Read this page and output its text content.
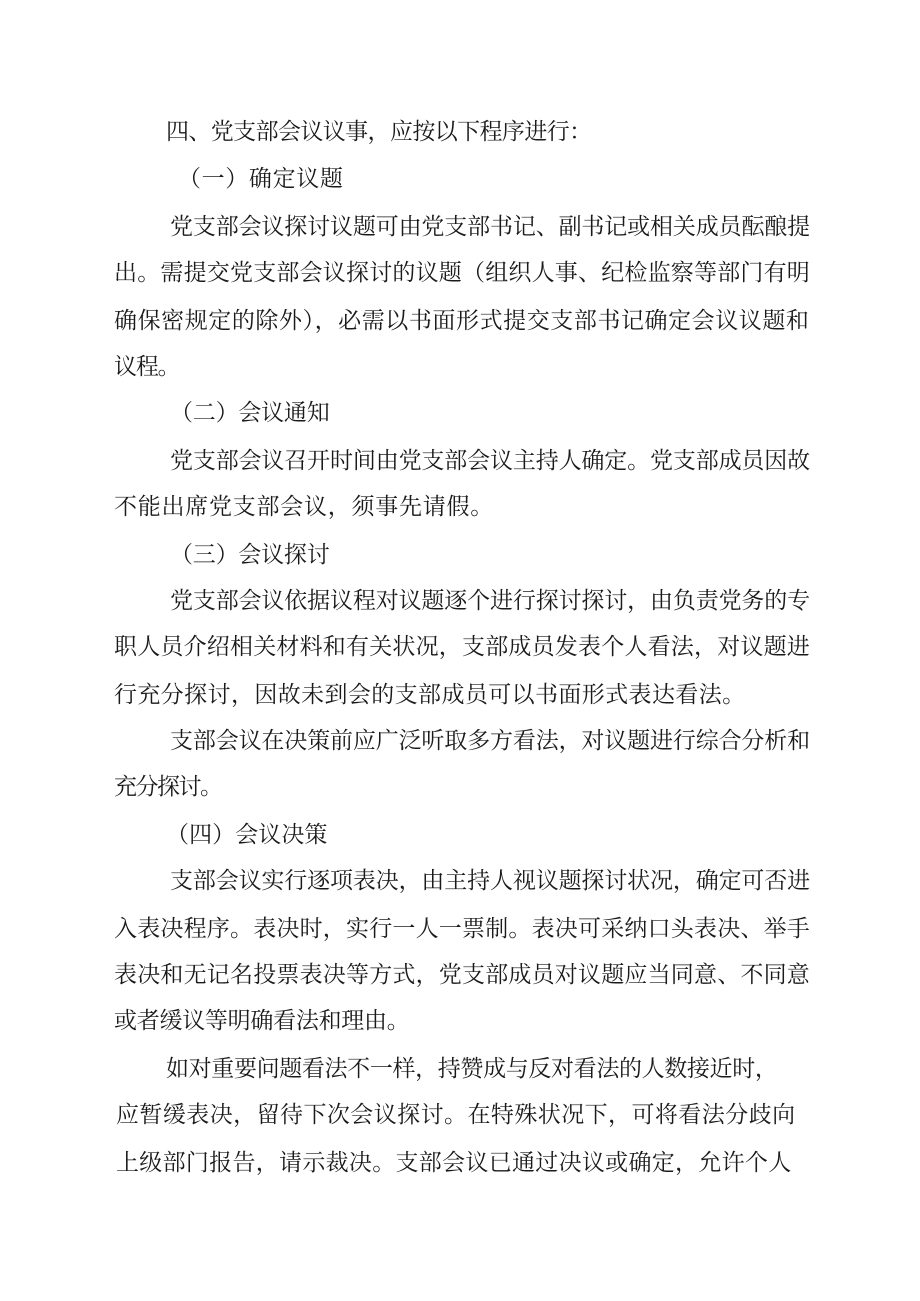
四、党支部会议议事，应按以下程序进行：
（一）确定议题
党支部会议探讨议题可由党支部书记、副书记或相关成员酝酿提
出。需提交党支部会议探讨的议题（组织人事、纪检监察等部门有明
确保密规定的除外），必需以书面形式提交支部书记确定会议议题和
议程。
（二）会议通知
党支部会议召开时间由党支部会议主持人确定。党支部成员因故
不能出席党支部会议，须事先请假。
（三）会议探讨
党支部会议依据议程对议题逐个进行探讨探讨，由负责党务的专
职人员介绍相关材料和有关状况，支部成员发表个人看法，对议题进
行充分探讨，因故未到会的支部成员可以书面形式表达看法。
支部会议在决策前应广泛听取多方看法，对议题进行综合分析和
充分探讨。
（四）会议决策
支部会议实行逐项表决，由主持人视议题探讨状况，确定可否进
入表决程序。表决时，实行一人一票制。表决可采纳口头表决、举手
表决和无记名投票表决等方式，党支部成员对议题应当同意、不同意
或者缓议等明确看法和理由。
如对重要问题看法不一样，持赞成与反对看法的人数接近时，
应暂缓表决，留待下次会议探讨。在特殊状况下，可将看法分歧向
上级部门报告，请示裁决。支部会议已通过决议或确定，允许个人
